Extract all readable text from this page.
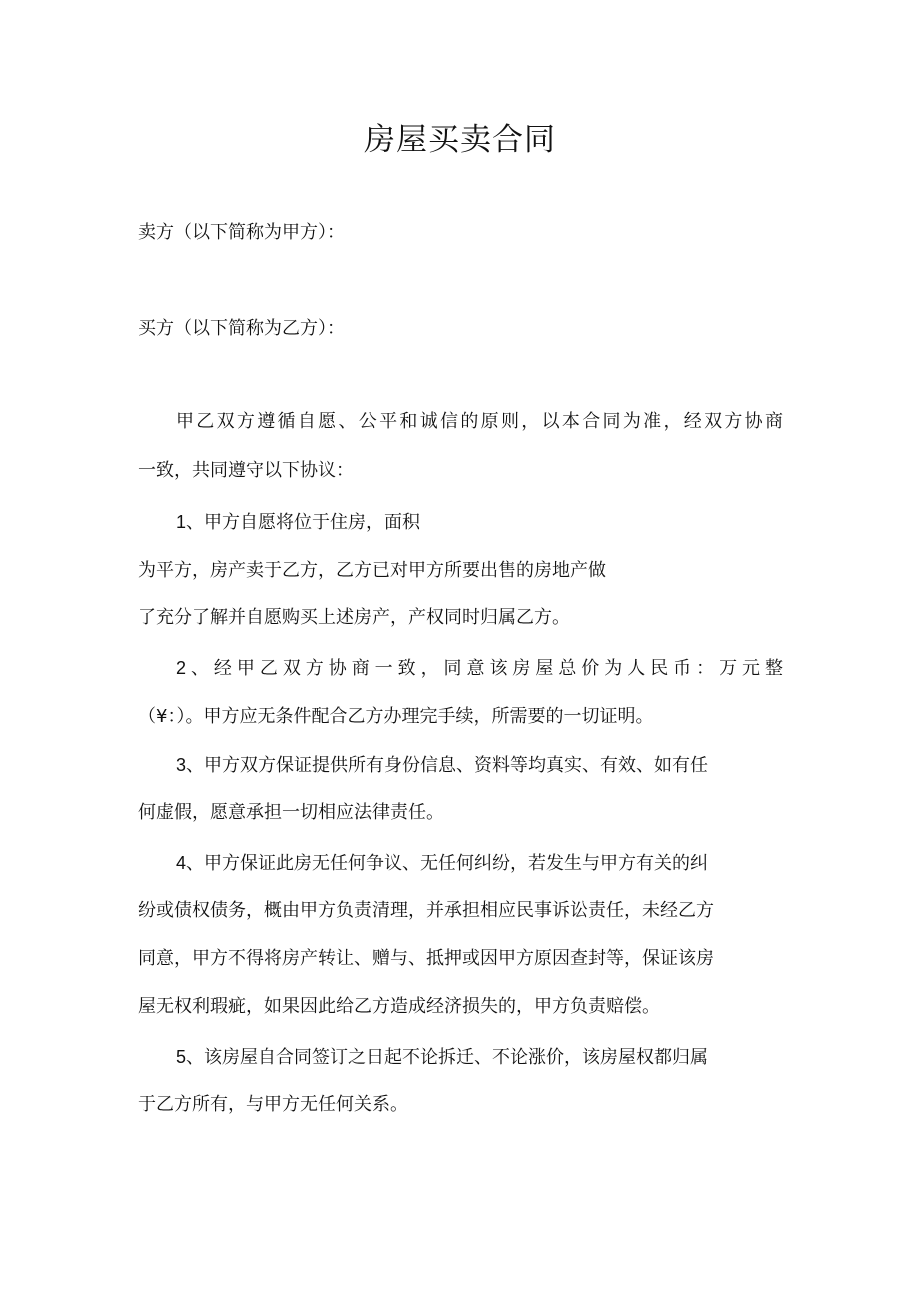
房屋买卖合同
卖方（以下简称为甲方）：
买方（以下简称为乙方）：
甲乙双方遵循自愿、公平和诚信的原则，以本合同为准，经双方协商
一致，共同遵守以下协议：
1、甲方自愿将位于住房，面积
为平方，房产卖于乙方，乙方已对甲方所要出售的房地产做
了充分了解并自愿购买上述房产，产权同时归属乙方。
2、经甲乙双方协商一致，同意该房屋总价为人民币：万元整
（¥：）。甲方应无条件配合乙方办理完手续，所需要的一切证明。
3、甲方双方保证提供所有身份信息、资料等均真实、有效、如有任
何虚假，愿意承担一切相应法律责任。
4、甲方保证此房无任何争议、无任何纠纷，若发生与甲方有关的纠
纷或债权债务，概由甲方负责清理，并承担相应民事诉讼责任，未经乙方
同意，甲方不得将房产转让、赠与、抵押或因甲方原因查封等，保证该房
屋无权利瑕疵，如果因此给乙方造成经济损失的，甲方负责赔偿。
5、该房屋自合同签订之日起不论拆迁、不论涨价，该房屋权都归属
于乙方所有，与甲方无任何关系。
